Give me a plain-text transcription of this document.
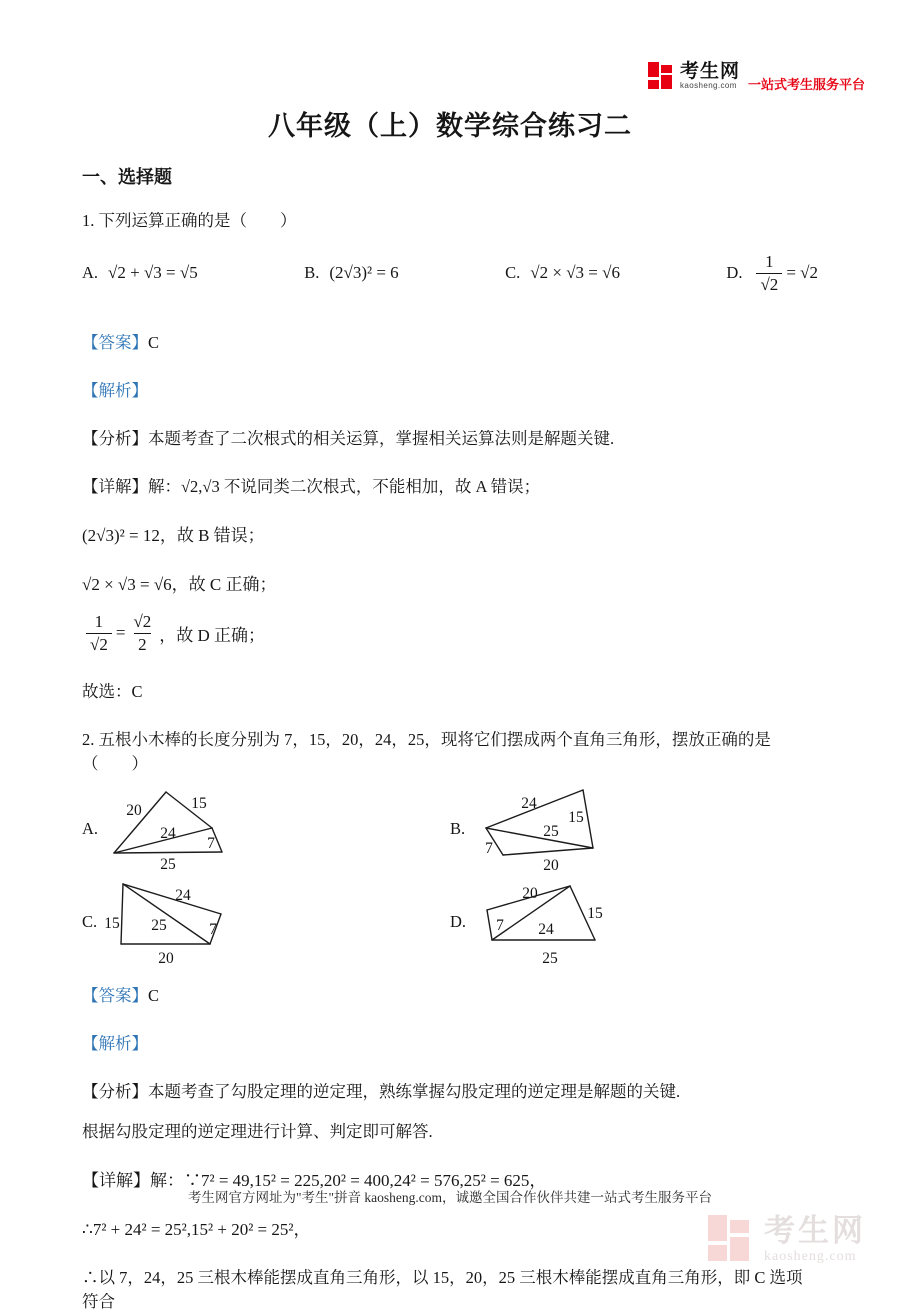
考生网
kaosheng.com 一站式考生服务平台
八年级（上）数学综合练习二
一、选择题
1. 下列运算正确的是（　　）
A. √2 + √3 = √5	B. (2√3)² = 6	C. √2 × √3 = √6	D. $\frac{1}{√2} = √2$
【答案】C
【解析】
【分析】本题考查了二次根式的相关运算，掌握相关运算法则是解题关键.
【详解】解：√2,√3 不说同类二次根式，不能相加，故 A 错误；
(2√3)² = 12，故 B 错误；
√2 × √3 = √6，故 C 正确；
$\frac{1}{√2} = \frac{√2}{2}$ ，故 D 正确；
故选：C
2. 五根小木棒的长度分别为 7，15，20，24，25，现将它们摆成两个直角三角形，摆放正确的是（　　）
A.
20	15
24
7
25
B.
24
15
25
7
20
C.
24
15 25	7
20
D.
20
15
24
7
25
【答案】C
【解析】
【分析】本题考查了勾股定理的逆定理，熟练掌握勾股定理的逆定理是解题的关键.
根据勾股定理的逆定理进行计算、判定即可解答.
【详解】解：∵7² = 49,15² = 225,20² = 400,24² = 576,25² = 625，
∴7² + 24² = 25²,15² + 20² = 25²，
∴以 7，24，25 三根木棒能摆成直角三角形，以 15，20，25 三根木棒能摆成直角三角形，即 C 选项符合
考生网官方网址为"考生"拼音 kaosheng.com，诚邀全国合作伙伴共建一站式考生服务平台
考生网
kaosheng.com
